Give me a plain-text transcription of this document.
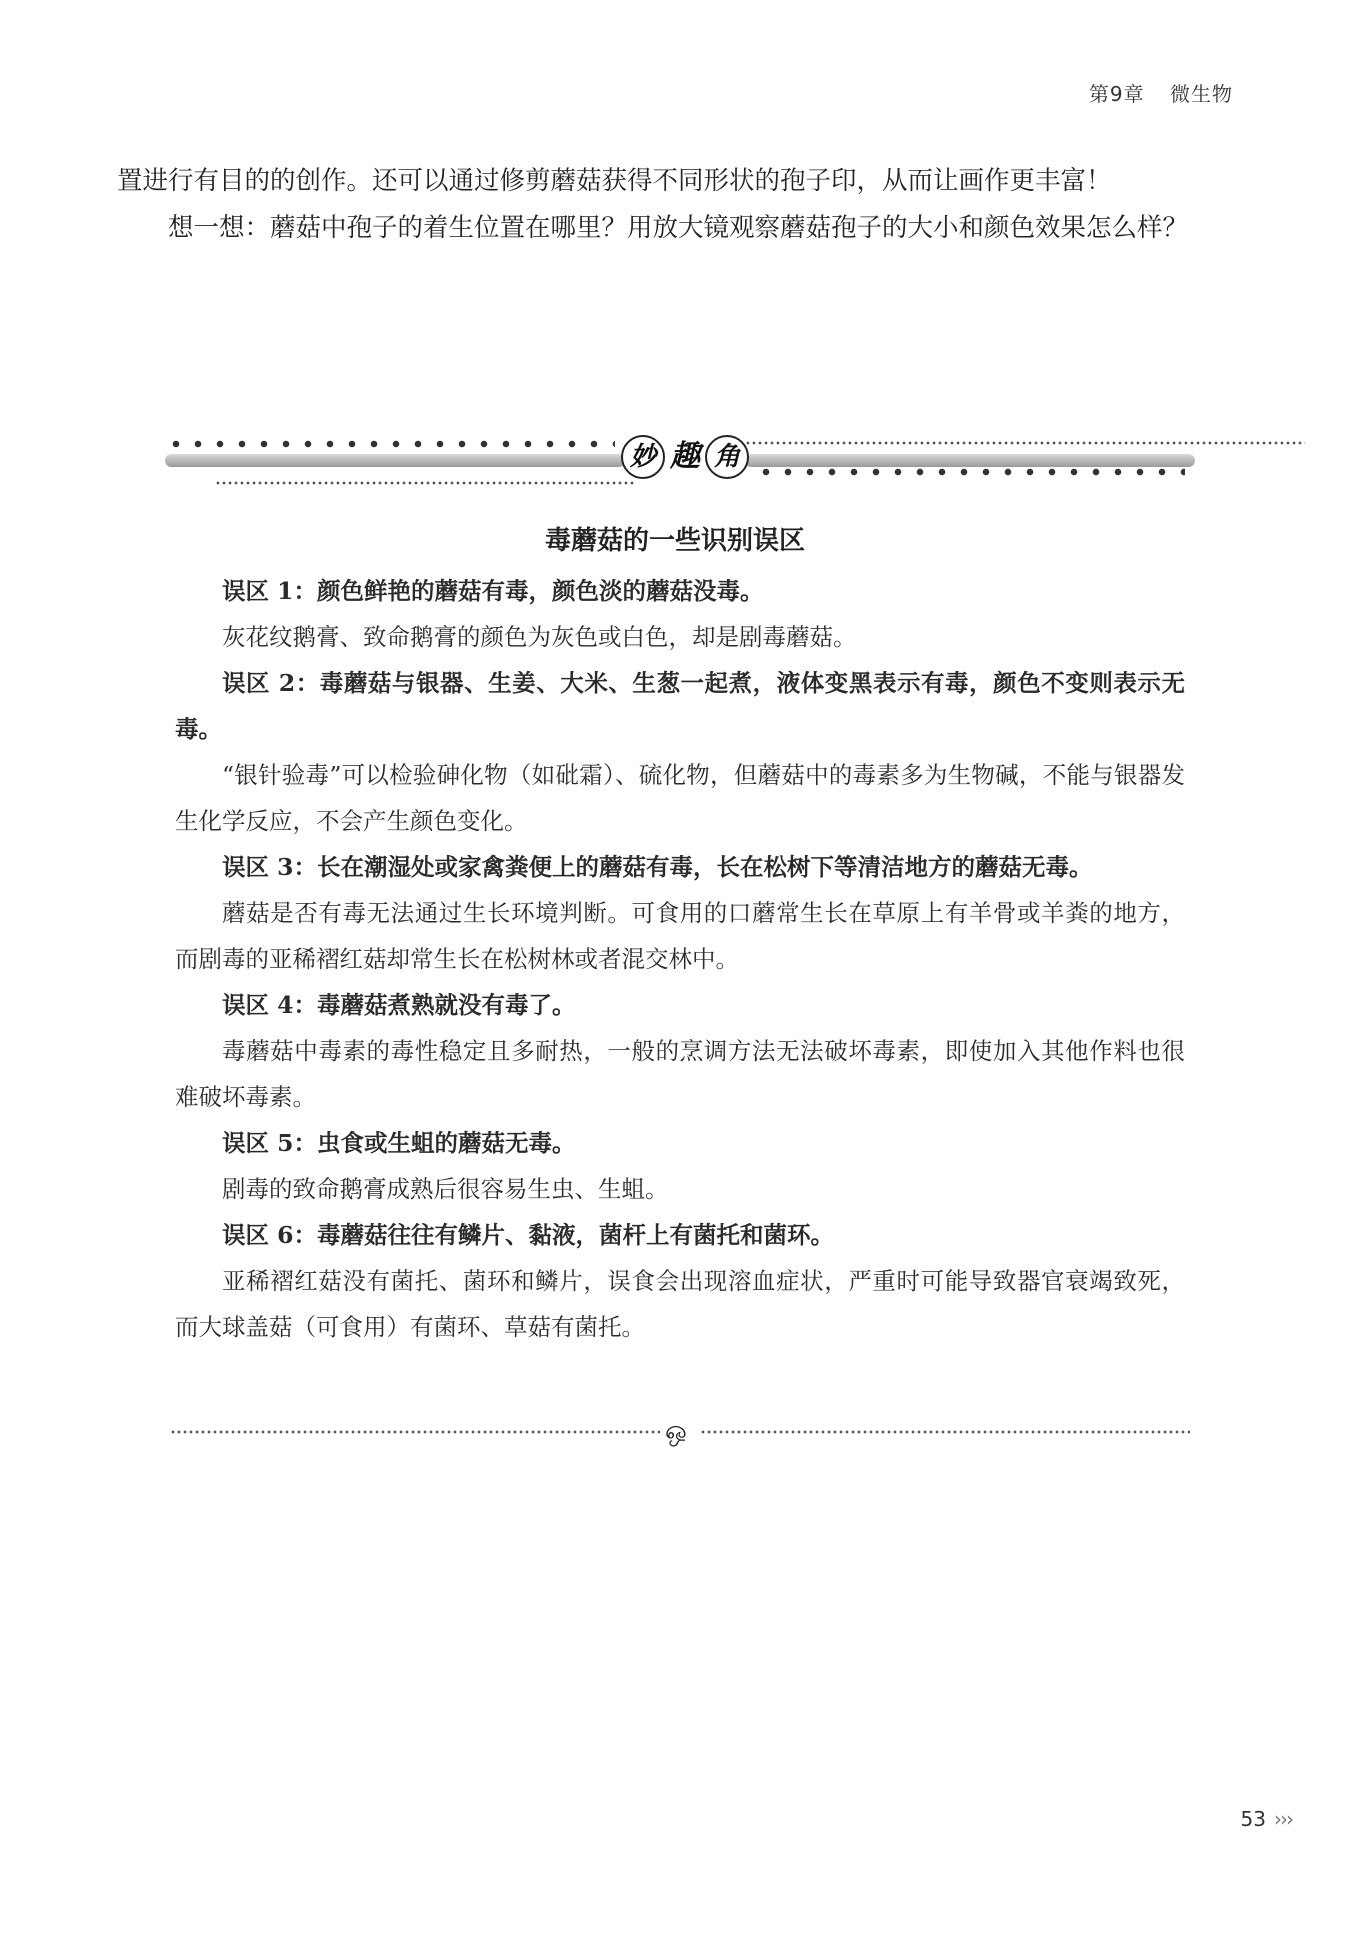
第9章 微生物

置进行有目的的创作。还可以通过修剪蘑菇获得不同形状的孢子印，从而让画作更丰富！

想一想：蘑菇中孢子的着生位置在哪里？用放大镜观察蘑菇孢子的大小和颜色效果怎么样？

妙 趣 角
毒蘑菇的一些识别误区

误区 1：颜色鲜艳的蘑菇有毒，颜色淡的蘑菇没毒。

灰花纹鹅膏、致命鹅膏的颜色为灰色或白色，却是剧毒蘑菇。

误区 2：毒蘑菇与银器、生姜、大米、生葱一起煮，液体变黑表示有毒，颜色不变则表示无毒。

“银针验毒”可以检验砷化物（如砒霜）、硫化物，但蘑菇中的毒素多为生物碱，不能与银器发生化学反应，不会产生颜色变化。

误区 3：长在潮湿处或家禽粪便上的蘑菇有毒，长在松树下等清洁地方的蘑菇无毒。

蘑菇是否有毒无法通过生长环境判断。可食用的口蘑常生长在草原上有羊骨或羊粪的地方，而剧毒的亚稀褶红菇却常生长在松树林或者混交林中。

误区 4：毒蘑菇煮熟就没有毒了。

毒蘑菇中毒素的毒性稳定且多耐热，一般的烹调方法无法破坏毒素，即使加入其他作料也很难破坏毒素。

误区 5：虫食或生蛆的蘑菇无毒。

剧毒的致命鹅膏成熟后很容易生虫、生蛆。

误区 6：毒蘑菇往往有鳞片、黏液，菌杆上有菌托和菌环。

亚稀褶红菇没有菌托、菌环和鳞片，误食会出现溶血症状，严重时可能导致器官衰竭致死，而大球盖菇（可食用）有菌环、草菇有菌托。

ஒ
53 ›››
